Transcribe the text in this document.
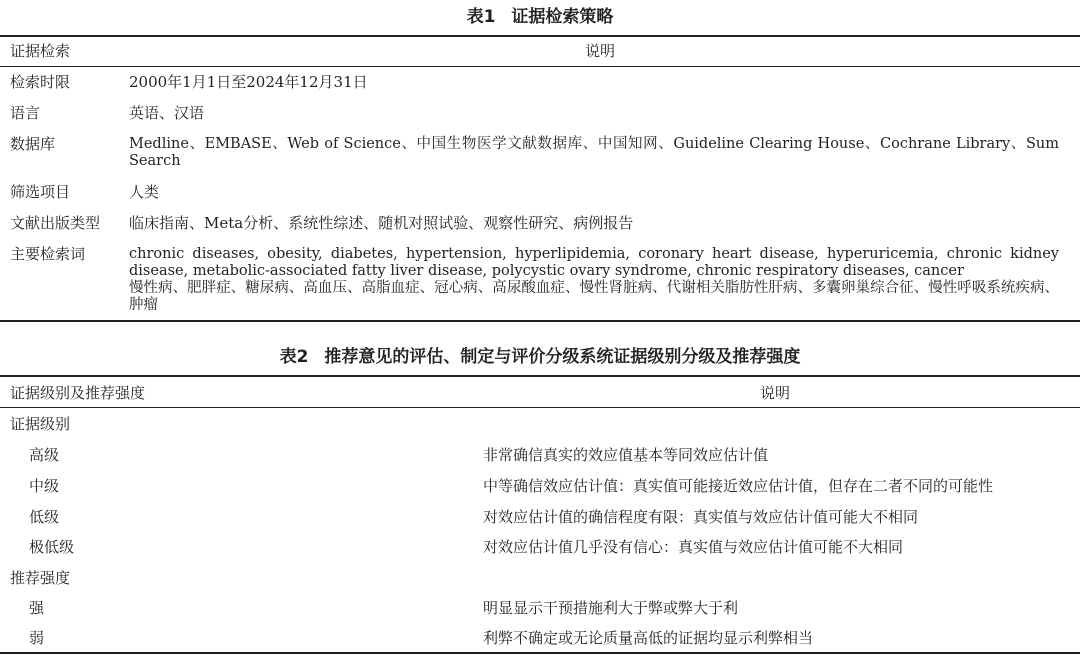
表1 证据检索策略
证据检索	说明
检索时限	2000年1月1日至2024年12月31日
语言	英语、汉语
数据库	Medline、EMBASE、Web of Science、中国生物医学文献数据库、中国知网、Guideline Clearing House、Cochrane Library、Sum Search
筛选项目	人类
文献出版类型 临床指南、Meta分析、系统性综述、随机对照试验、观察性研究、病例报告
主要检索词	chronic diseases, obesity, diabetes, hypertension, hyperlipidemia, coronary heart disease, hyperuricemia, chronic kidney disease, metabolic-associated fatty liver disease, polycystic ovary syndrome, chronic respiratory diseases, cancer
慢性病、肥胖症、糖尿病、高血压、高脂血症、冠心病、高尿酸血症、慢性肾脏病、代谢相关脂肪性肝病、多囊卵巢综合征、慢性呼吸系统疾病、肿瘤
表2 推荐意见的评估、制定与评价分级系统证据级别分级及推荐强度
证据级别及推荐强度	说明
证据级别
高级	非常确信真实的效应值基本等同效应估计值
中级	中等确信效应估计值：真实值可能接近效应估计值，但存在二者不同的可能性
低级	对效应估计值的确信程度有限：真实值与效应估计值可能大不相同
极低级	对效应估计值几乎没有信心：真实值与效应估计值可能不大相同
推荐强度
强	明显显示干预措施利大于弊或弊大于利
弱	利弊不确定或无论质量高低的证据均显示利弊相当
